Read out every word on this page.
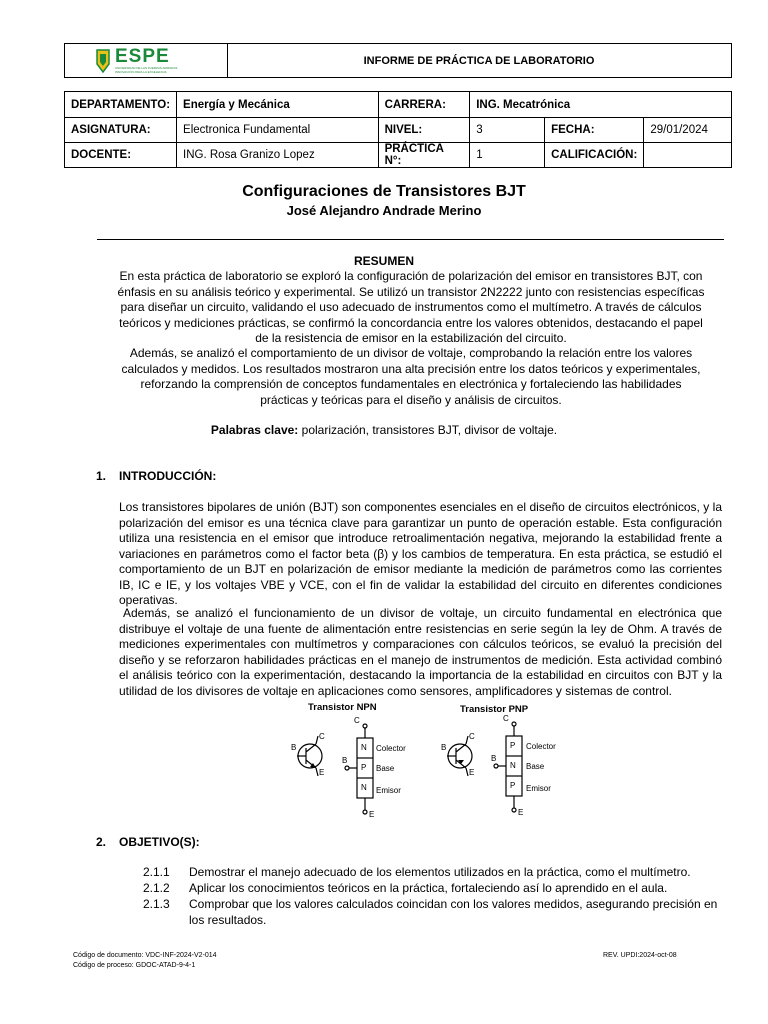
ESPE
UNIVERSIDAD DE LAS FUERZAS ARMADAS
INNOVACIÓN PARA LA EXCELENCIA
INFORME DE PRÁCTICA DE LABORATORIO
DEPARTAMENTO:	Energía y Mecánica	CARRERA:	ING. Mecatrónica		
ASIGNATURA:	Electronica Fundamental	NIVEL:	3	FECHA:	29/01/2024
DOCENTE:	ING. Rosa Granizo Lopez	PRÁCTICA N°:	1	CALIFICACIÓN:	
Configuraciones de Transistores BJT
José Alejandro Andrade Merino
RESUMEN
En esta práctica de laboratorio se exploró la configuración de polarización del emisor en transistores BJT, con énfasis en su análisis teórico y experimental. Se utilizó un transistor 2N2222 junto con resistencias específicas para diseñar un circuito, validando el uso adecuado de instrumentos como el multímetro. A través de cálculos teóricos y mediciones prácticas, se confirmó la concordancia entre los valores obtenidos, destacando el papel de la resistencia de emisor en la estabilización del circuito.
Además, se analizó el comportamiento de un divisor de voltaje, comprobando la relación entre los valores calculados y medidos. Los resultados mostraron una alta precisión entre los datos teóricos y experimentales, reforzando la comprensión de conceptos fundamentales en electrónica y fortaleciendo las habilidades prácticas y teóricas para el diseño y análisis de circuitos.
Palabras clave: polarización, transistores BJT, divisor de voltaje.
1. INTRODUCCIÓN:
Los transistores bipolares de unión (BJT) son componentes esenciales en el diseño de circuitos electrónicos, y la polarización del emisor es una técnica clave para garantizar un punto de operación estable. Esta configuración utiliza una resistencia en el emisor que introduce retroalimentación negativa, mejorando la estabilidad frente a variaciones en parámetros como el factor beta (β) y los cambios de temperatura. En esta práctica, se estudió el comportamiento de un BJT en polarización de emisor mediante la medición de parámetros como las corrientes IB, IC e IE, y los voltajes VBE y VCE, con el fin de validar la estabilidad del circuito en diferentes condiciones operativas.
Además, se analizó el funcionamiento de un divisor de voltaje, un circuito fundamental en electrónica que distribuye el voltaje de una fuente de alimentación entre resistencias en serie según la ley de Ohm. A través de mediciones experimentales con multímetros y comparaciones con cálculos teóricos, se evaluó la precisión del diseño y se reforzaron habilidades prácticas en el manejo de instrumentos de medición. Esta actividad combinó el análisis teórico con la experimentación, destacando la importancia de la estabilidad en circuitos con BJT y la utilidad de los divisores de voltaje en aplicaciones como sensores, amplificadores y sistemas de control.
Transistor NPN	Transistor PNP
B
C
E
N
P
N
Colector
Base
Emisor
C
B
E
B
C
E
P
N
P
Colector
Base
Emisor
C
B
E
2. OBJETIVO(S):
2.1.1 Demostrar el manejo adecuado de los elementos utilizados en la práctica, como el multímetro.
2.1.2 Aplicar los conocimientos teóricos en la práctica, fortaleciendo así lo aprendido en el aula.
2.1.3 Comprobar que los valores calculados coincidan con los valores medidos, asegurando precisión en los resultados.
Código de documento: VDC-INF-2024-V2-014
Código de proceso: GDOC-ATAD-9-4-1
REV. UPDI:2024-oct-08
